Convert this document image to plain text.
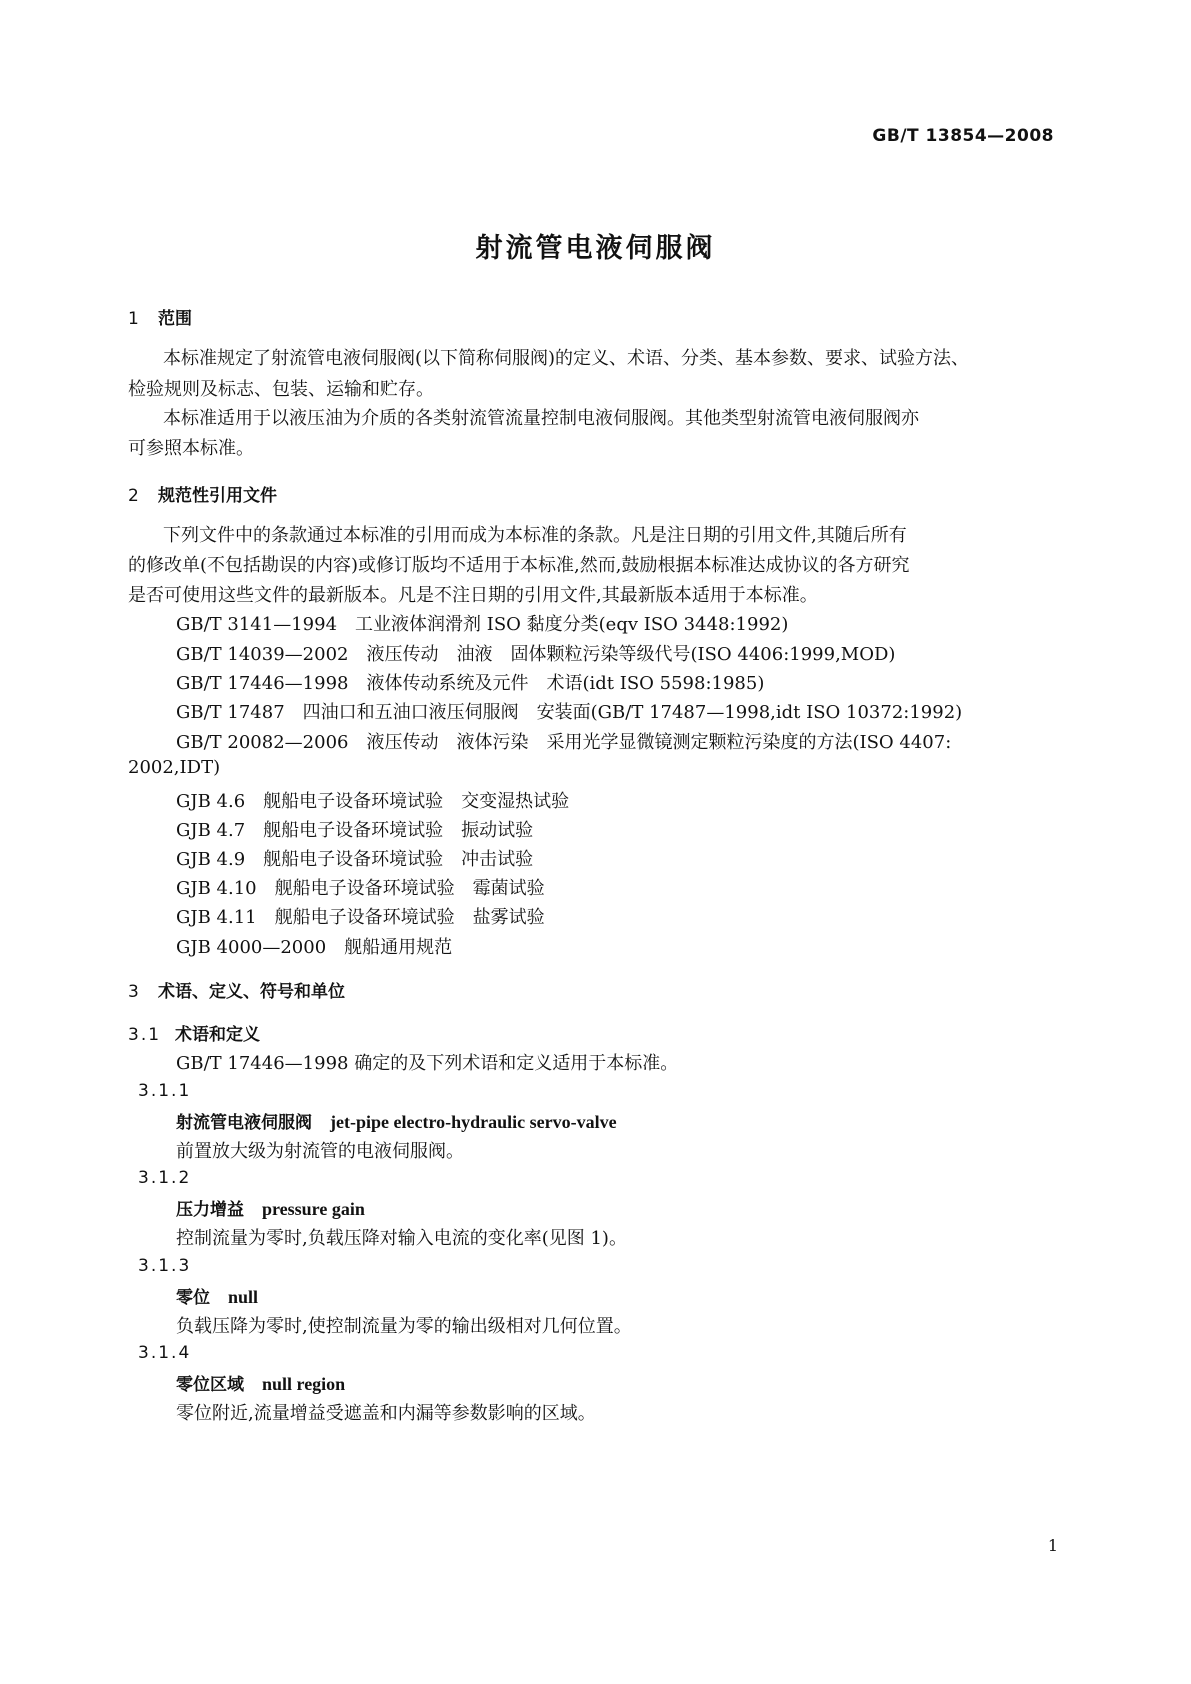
GB/T 13854—2008
射流管电液伺服阀
1 范围
本标准规定了射流管电液伺服阀(以下简称伺服阀)的定义、术语、分类、基本参数、要求、试验方法、
检验规则及标志、包装、运输和贮存。
本标准适用于以液压油为介质的各类射流管流量控制电液伺服阀。其他类型射流管电液伺服阀亦
可参照本标准。
2 规范性引用文件
下列文件中的条款通过本标准的引用而成为本标准的条款。凡是注日期的引用文件,其随后所有
的修改单(不包括勘误的内容)或修订版均不适用于本标准,然而,鼓励根据本标准达成协议的各方研究
是否可使用这些文件的最新版本。凡是不注日期的引用文件,其最新版本适用于本标准。
GB/T 3141—1994　工业液体润滑剂 ISO 黏度分类(eqv ISO 3448:1992)
GB/T 14039—2002　液压传动　油液　固体颗粒污染等级代号(ISO 4406:1999,MOD)
GB/T 17446—1998　液体传动系统及元件　术语(idt ISO 5598:1985)
GB/T 17487　四油口和五油口液压伺服阀　安装面(GB/T 17487—1998,idt ISO 10372:1992)
GB/T 20082—2006　液压传动　液体污染　采用光学显微镜测定颗粒污染度的方法(ISO 4407:
2002,IDT)
GJB 4.6　舰船电子设备环境试验　交变湿热试验
GJB 4.7　舰船电子设备环境试验　振动试验
GJB 4.9　舰船电子设备环境试验　冲击试验
GJB 4.10　舰船电子设备环境试验　霉菌试验
GJB 4.11　舰船电子设备环境试验　盐雾试验
GJB 4000—2000　舰船通用规范
3 术语、定义、符号和单位
3.1 术语和定义
GB/T 17446—1998 确定的及下列术语和定义适用于本标准。
3.1.1
射流管电液伺服阀 jet-pipe electro-hydraulic servo-valve
前置放大级为射流管的电液伺服阀。
3.1.2
压力增益 pressure gain
控制流量为零时,负载压降对输入电流的变化率(见图 1)。
3.1.3
零位 null
负载压降为零时,使控制流量为零的输出级相对几何位置。
3.1.4
零位区域 null region
零位附近,流量增益受遮盖和内漏等参数影响的区域。
1
